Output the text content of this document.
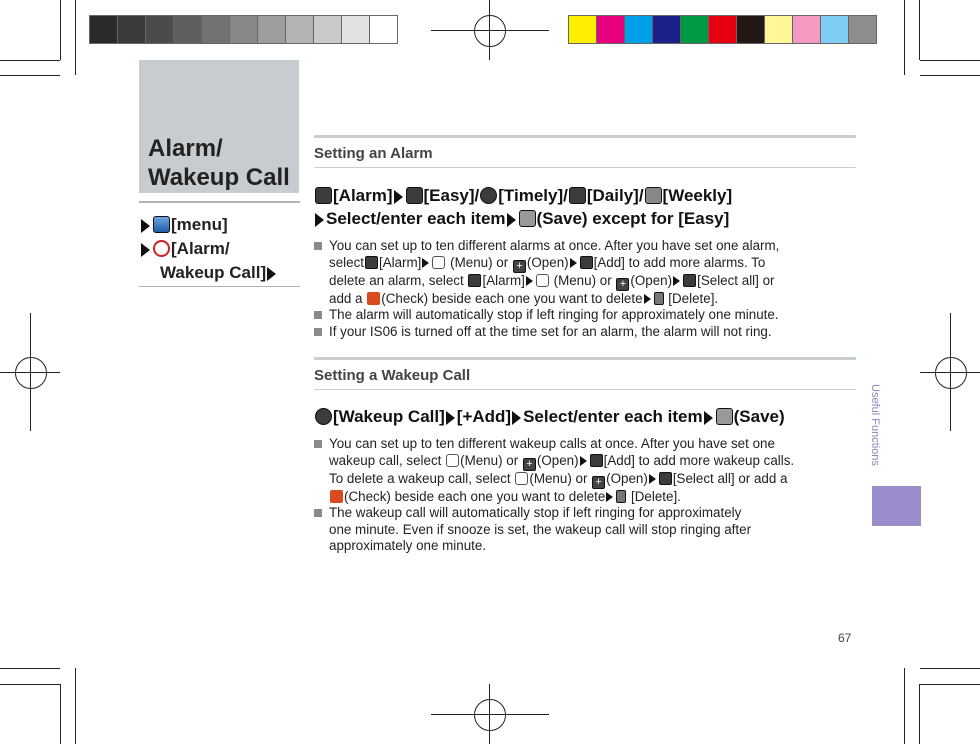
Alarm/
Wakeup Call
[menu]
[Alarm/
Wakeup Call]
Setting an Alarm
[Alarm] [Easy]/ [Timely]/ [Daily]/ [Weekly]
Select/enter each item (Save) except for [Easy]
You can set up to ten different alarms at once. After you have set one alarm,
select [Alarm] (Menu) or + (Open) [Add] to add more alarms. To
delete an alarm, select [Alarm] (Menu) or + (Open) [Select all] or
add a (Check) beside each one you want to delete [Delete].
The alarm will automatically stop if left ringing for approximately one minute.
If your IS06 is turned off at the time set for an alarm, the alarm will not ring.
Setting a Wakeup Call
[Wakeup Call] [+Add] Select/enter each item (Save)
You can set up to ten different wakeup calls at once. After you have set one
wakeup call, select (Menu) or + (Open) [Add] to add more wakeup calls.
To delete a wakeup call, select (Menu) or + (Open) [Select all] or add a
(Check) beside each one you want to delete [Delete].
The wakeup call will automatically stop if left ringing for approximately
one minute. Even if snooze is set, the wakeup call will stop ringing after
approximately one minute.
Useful Functions
67
